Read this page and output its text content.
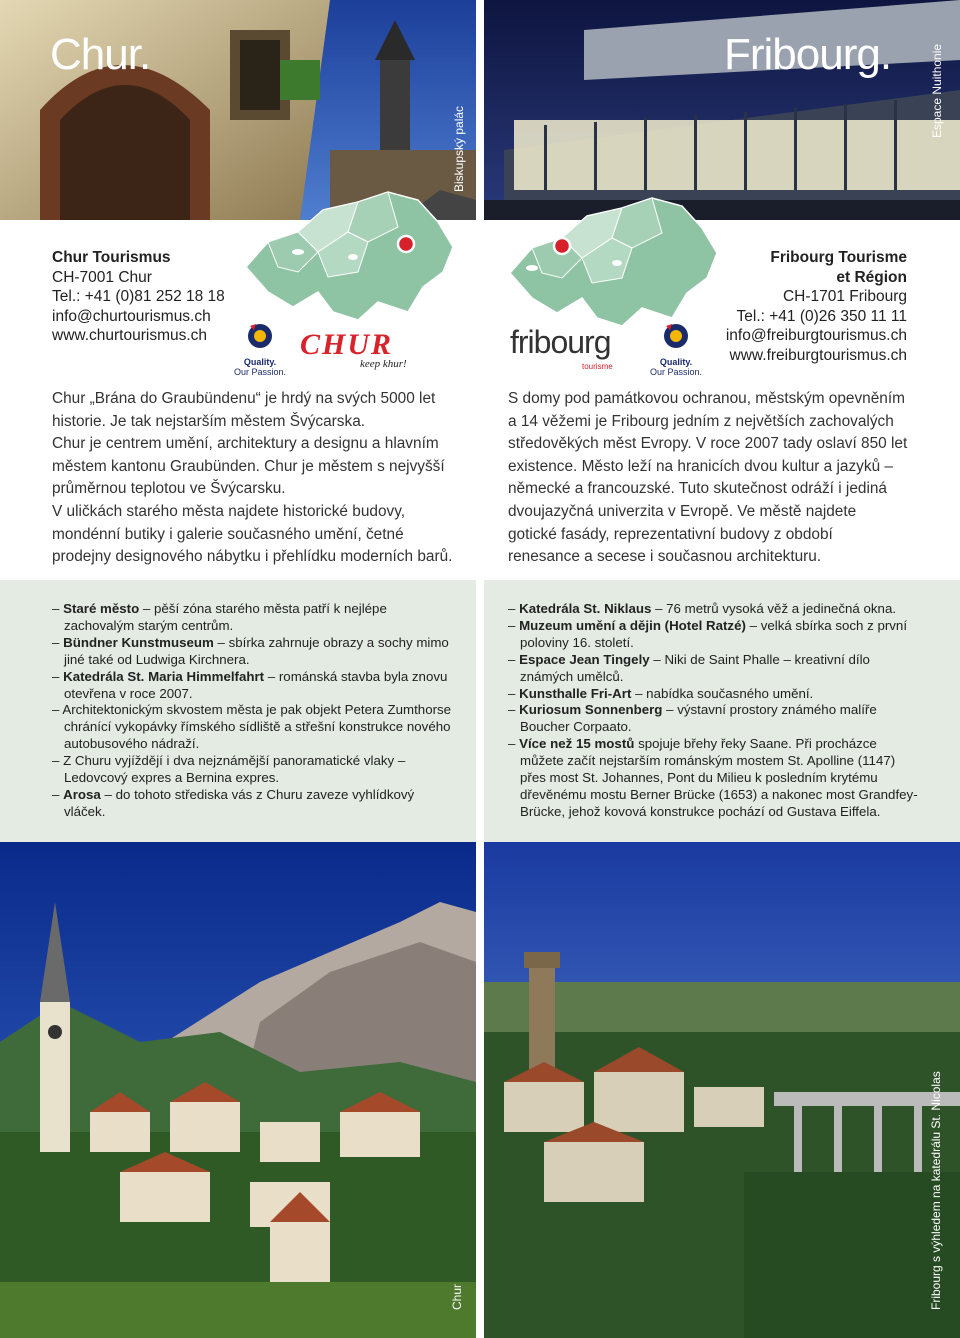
Chur.	Fribourg.
Biskupský palác
Espace Nuithonie
Chur Tourismus
CH-7001 Chur
Tel.: +41 (0)81 252 18 18
info@churtourismus.ch
www.churtourismus.ch
Fribourg Tourisme
et Région
CH-1701 Fribourg
Tel.: +41 (0)26 350 11 11
info@freiburgtourismus.ch
www.freiburgtourismus.ch
Quality.
Our Passion.
CHUR
keep khur!
fribourg
tourisme	Quality.
Our Passion.

Chur „Brána do Graubündenu“ je hrdý na svých 5000 let historie. Je tak nejstarším městem Švýcarska.

Chur je centrem umění, architektury a designu a hlavním městem kantonu Graubünden. Chur je městem s nejvyšší průměrnou teplotou ve Švýcarsku.

V uličkách starého města najdete historické budovy, mondénní butiky i galerie současného umění, četné prodejny designového nábytku i přehlídku moderních barů.

S domy pod památkovou ochranou, městským opevněním a 14 věžemi je Fribourg jedním z největších zachovalých středověkých měst Evropy. V roce 2007 tady oslaví 850 let existence. Město leží na hranicích dvou kultur a jazyků – německé a francouzské. Tuto skutečnost odráží i jediná dvoujazyčná univerzita v Evropě. Ve městě najdete gotické fasády, reprezentativní budovy z období renesance a secese i současnou architekturu.

– Staré město – pěší zóna starého města patří k nejlépe zachovalým starým centrům.
– Bündner Kunstmuseum – sbírka zahrnuje obrazy a sochy mimo jiné také od Ludwiga Kirchnera.
– Katedrála St. Maria Himmelfahrt – románská stavba byla znovu otevřena v roce 2007.
– Architektonickým skvostem města je pak objekt Petera Zumthorse chránící vykopávky římského sídliště a střešní konstrukce nového autobusového nádraží.
– Z Churu vyjíždějí i dva nejznámější panoramatické vlaky – Ledovcový expres a Bernina expres.
– Arosa – do tohoto střediska vás z Churu zaveze vyhlídkový vláček.
– Katedrála St. Niklaus – 76 metrů vysoká věž a jedinečná okna.
– Muzeum umění a dějin (Hotel Ratzé) – velká sbírka soch z první poloviny 16. století.
– Espace Jean Tingely – Niki de Saint Phalle – kreativní dílo známých umělců.
– Kunsthalle Fri-Art – nabídka současného umění.
– Kuriosum Sonnenberg – výstavní prostory známého malíře Boucher Corpaato.
– Více než 15 mostů spojuje břehy řeky Saane. Při procházce můžete začít nejstarším románským mostem St. Apolline (1147) přes most St. Johannes, Pont du Milieu k posledním krytému dřevěnému mostu Berner Brücke (1653) a nakonec most Grandfey-Brücke, jehož kovová konstrukce pochází od Gustava Eiffela.
Chur	Fribourg s výhledem na katedrálu St. Nicolas
